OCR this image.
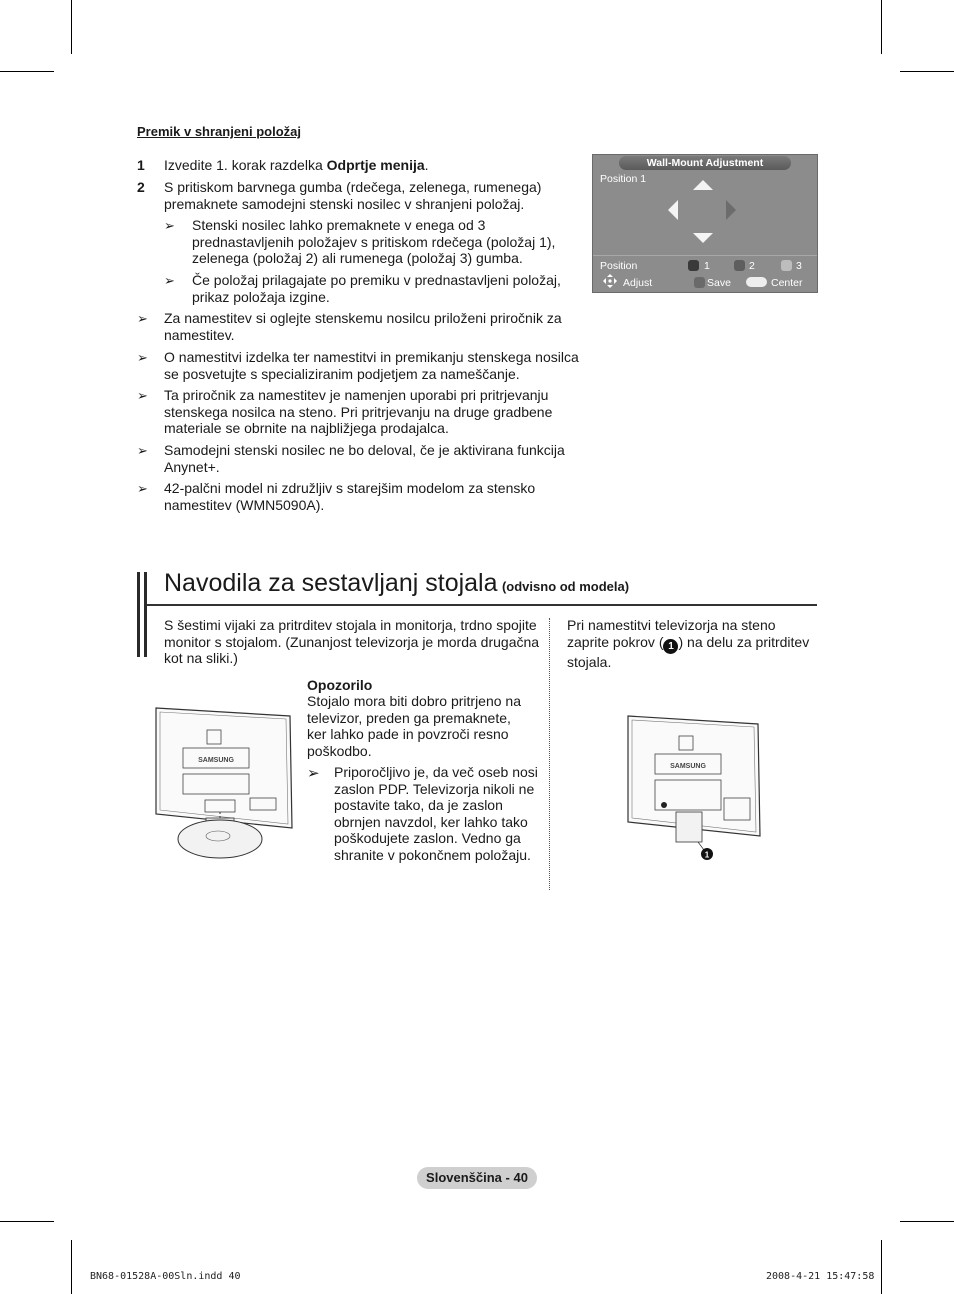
Premik v shranjeni položaj
1 Izvedite 1. korak razdelka Odprtje menija.
2 S pritiskom barvnega gumba (rdečega, zelenega, rumenega) premaknete samodejni stenski nosilec v shranjeni položaj.
➢ Stenski nosilec lahko premaknete v enega od 3 prednastavljenih položajev s pritiskom rdečega (položaj 1), zelenega (položaj 2) ali rumenega (položaj 3) gumba.
➢ Če položaj prilagajate po premiku v prednastavljeni položaj, prikaz položaja izgine.
➢ Za namestitev si oglejte stenskemu nosilcu priloženi priročnik za namestitev.
➢ O namestitvi izdelka ter namestitvi in premikanju stenskega nosilca se posvetujte s specializiranim podjetjem za nameščanje.
➢ Ta priročnik za namestitev je namenjen uporabi pri pritrjevanju stenskega nosilca na steno. Pri pritrjevanju na druge gradbene materiale se obrnite na najbližjega prodajalca.
➢ Samodejni stenski nosilec ne bo deloval, če je aktivirana funkcija Anynet+.
➢ 42-palčni model ni združljiv s starejšim modelom za stensko namestitev (WMN5090A).
Wall-Mount Adjustment
Position 1
Position	1	2	3
Adjust	Save	Center
Navodila za sestavljanj stojala (odvisno od modela)
S šestimi vijaki za pritrditev stojala in monitorja, trdno spojite monitor s stojalom. (Zunanjost televizorja je morda drugačna kot na sliki.)
Opozorilo
Stojalo mora biti dobro pritrjeno na televizor, preden ga premaknete, ker lahko pade in povzroči resno poškodbo.
➢ Priporočljivo je, da več oseb nosi zaslon PDP. Televizorja nikoli ne postavite tako, da je zaslon obrnjen navzdol, ker lahko tako poškodujete zaslon. Vedno ga shranite v pokončnem položaju.
Pri namestitvi televizorja na steno zaprite pokrov ( 1 ) na delu za pritrditev stojala.
SAMSUNG
SAMSUNG
1
Slovenščina - 40
BN68-01528A-00Sln.indd 40	2008-4-21 15:47:58
